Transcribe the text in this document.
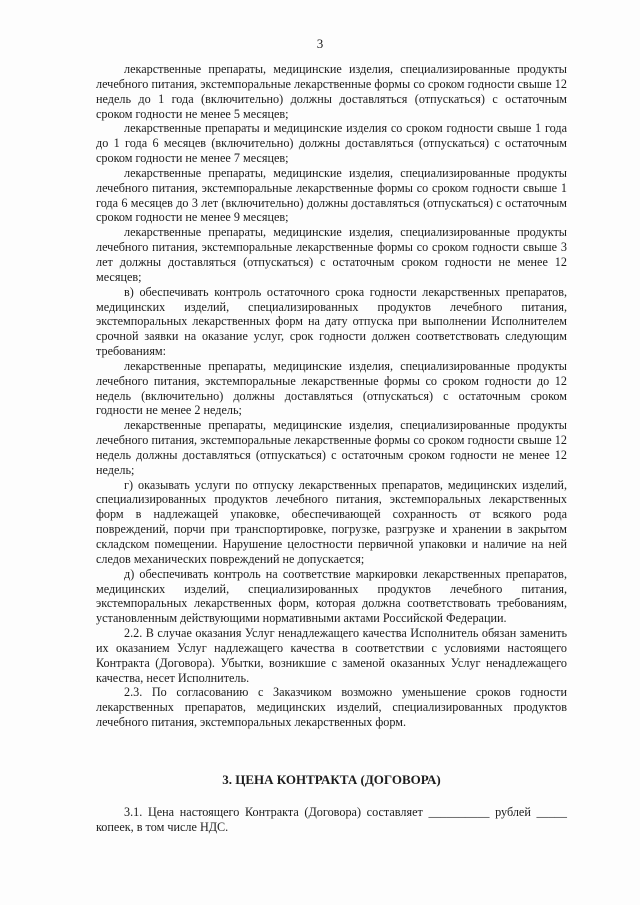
3

лекарственные препараты, медицинские изделия, специализированные продукты лечебного питания, экстемпоральные лекарственные формы со сроком годности свыше 12 недель до 1 года (включительно) должны доставляться (отпускаться) с остаточным сроком годности не менее 5 месяцев;

лекарственные препараты и медицинские изделия со сроком годности свыше 1 года до 1 года 6 месяцев (включительно) должны доставляться (отпускаться) с остаточным сроком годности не менее 7 месяцев;

лекарственные препараты, медицинские изделия, специализированные продукты лечебного питания, экстемпоральные лекарственные формы со сроком годности свыше 1 года 6 месяцев до 3 лет (включительно) должны доставляться (отпускаться) с остаточным сроком годности не менее 9 месяцев;

лекарственные препараты, медицинские изделия, специализированные продукты лечебного питания, экстемпоральные лекарственные формы со сроком годности свыше 3 лет должны доставляться (отпускаться) с остаточным сроком годности не менее 12 месяцев;

в) обеспечивать контроль остаточного срока годности лекарственных препаратов, медицинских изделий, специализированных продуктов лечебного питания, экстемпоральных лекарственных форм на дату отпуска при выполнении Исполнителем срочной заявки на оказание услуг, срок годности должен соответствовать следующим требованиям:

лекарственные препараты, медицинские изделия, специализированные продукты лечебного питания, экстемпоральные лекарственные формы со сроком годности до 12 недель (включительно) должны доставляться (отпускаться) с остаточным сроком годности не менее 2 недель;

лекарственные препараты, медицинские изделия, специализированные продукты лечебного питания, экстемпоральные лекарственные формы со сроком годности свыше 12 недель должны доставляться (отпускаться) с остаточным сроком годности не менее 12 недель;

г) оказывать услуги по отпуску лекарственных препаратов, медицинских изделий, специализированных продуктов лечебного питания, экстемпоральных лекарственных форм в надлежащей упаковке, обеспечивающей сохранность от всякого рода повреждений, порчи при транспортировке, погрузке, разгрузке и хранении в закрытом складском помещении. Нарушение целостности первичной упаковки и наличие на ней следов механических повреждений не допускается;

д) обеспечивать контроль на соответствие маркировки лекарственных препаратов, медицинских изделий, специализированных продуктов лечебного питания, экстемпоральных лекарственных форм, которая должна соответствовать требованиям, установленным действующими нормативными актами Российской Федерации.

2.2. В случае оказания Услуг ненадлежащего качества Исполнитель обязан заменить их оказанием Услуг надлежащего качества в соответствии с условиями настоящего Контракта (Договора). Убытки, возникшие с заменой оказанных Услуг ненадлежащего качества, несет Исполнитель.

2.3. По согласованию с Заказчиком возможно уменьшение сроков годности лекарственных препаратов, медицинских изделий, специализированных продуктов лечебного питания, экстемпоральных лекарственных форм.

3. ЦЕНА КОНТРАКТА (ДОГОВОРА)

3.1. Цена настоящего Контракта (Договора) составляет __________ рублей _____ копеек, в том числе НДС.
